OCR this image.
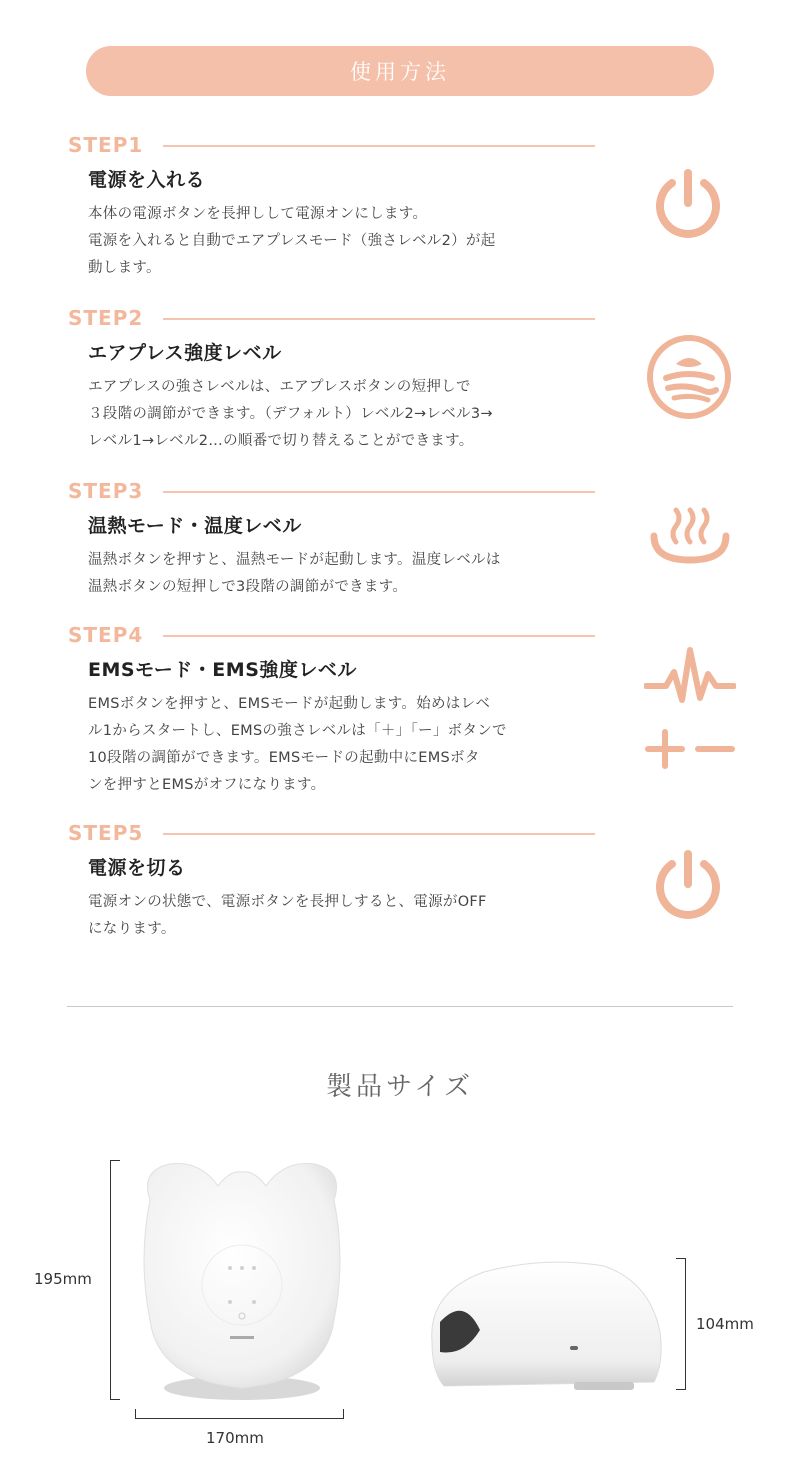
使用方法
STEP1
電源を入れる
本体の電源ボタンを長押しして電源オンにします。
電源を入れると自動でエアプレスモード（強さレベル2）が起
動します。
STEP2
エアプレス強度レベル
エアプレスの強さレベルは、エアプレスボタンの短押しで
３段階の調節ができます。（デフォルト）レベル2→レベル3→
レベル1→レベル2…の順番で切り替えることができます。
STEP3
温熱モード・温度レベル
温熱ボタンを押すと、温熱モードが起動します。温度レベルは
温熱ボタンの短押しで3段階の調節ができます。
STEP4
EMSモード・EMS強度レベル
EMSボタンを押すと、EMSモードが起動します。始めはレベ
ル1からスタートし、EMSの強さレベルは「＋」「ー」ボタンで
10段階の調節ができます。EMSモードの起動中にEMSボタ
ンを押すとEMSがオフになります。
STEP5
電源を切る
電源オンの状態で、電源ボタンを長押しすると、電源がOFF
になります。
製品サイズ
195mm
170mm
104mm
